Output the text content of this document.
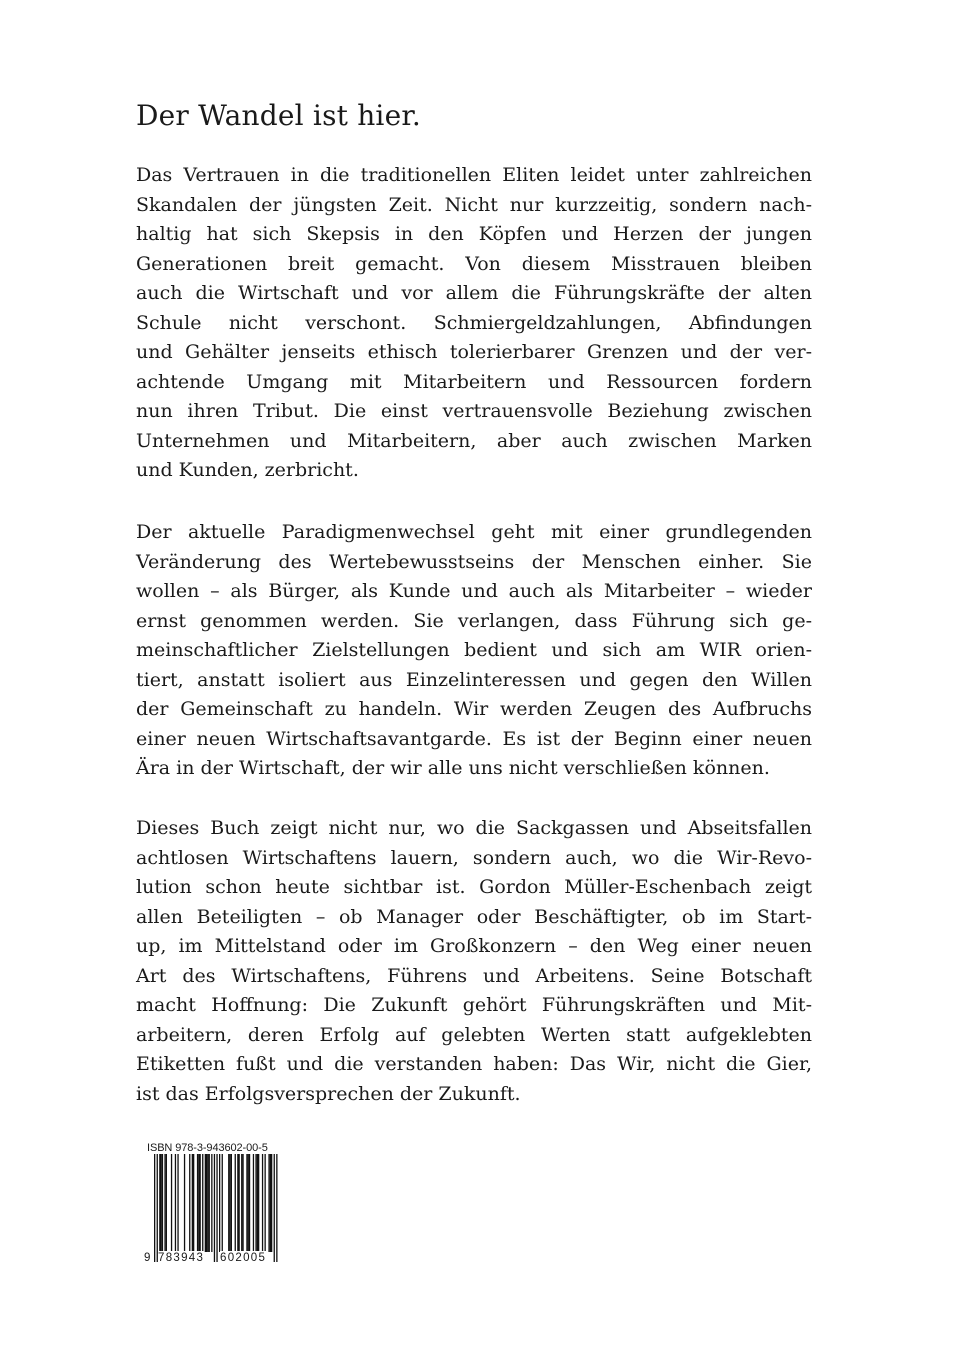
Der Wandel ist hier.

Das Vertrauen in die traditionellen Eliten leidet unter zahlreichen
Skandalen der jüngsten Zeit. Nicht nur kurzzeitig, sondern nach-
haltig hat sich Skepsis in den Köpfen und Herzen der jungen
Generationen breit gemacht. Von diesem Misstrauen bleiben
auch die Wirtschaft und vor allem die Führungskräfte der alten
Schule nicht verschont. Schmiergeldzahlungen, Abfindungen
und Gehälter jenseits ethisch tolerierbarer Grenzen und der ver-
achtende Umgang mit Mitarbeitern und Ressourcen fordern
nun ihren Tribut. Die einst vertrauensvolle Beziehung zwischen
Unternehmen und Mitarbeitern, aber auch zwischen Marken
und Kunden, zerbricht.

Der aktuelle Paradigmenwechsel geht mit einer grundlegenden
Veränderung des Wertebewusstseins der Menschen einher. Sie
wollen – als Bürger, als Kunde und auch als Mitarbeiter – wieder
ernst genommen werden. Sie verlangen, dass Führung sich ge-
meinschaftlicher Zielstellungen bedient und sich am WIR orien-
tiert, anstatt isoliert aus Einzelinteressen und gegen den Willen
der Gemeinschaft zu handeln. Wir werden Zeugen des Aufbruchs
einer neuen Wirtschaftsavantgarde. Es ist der Beginn einer neuen
Ära in der Wirtschaft, der wir alle uns nicht verschließen können.

Dieses Buch zeigt nicht nur, wo die Sackgassen und Abseitsfallen
achtlosen Wirtschaftens lauern, sondern auch, wo die Wir-Revo-
lution schon heute sichtbar ist. Gordon Müller-Eschenbach zeigt
allen Beteiligten – ob Manager oder Beschäftigter, ob im Start-
up, im Mittelstand oder im Großkonzern – den Weg einer neuen
Art des Wirtschaftens, Führens und Arbeitens. Seine Botschaft
macht Hoffnung: Die Zukunft gehört Führungskräften und Mit-
arbeitern, deren Erfolg auf gelebten Werten statt aufgeklebten
Etiketten fußt und die verstanden haben: Das Wir, nicht die Gier,
ist das Erfolgsversprechen der Zukunft.

ISBN 978-3-943602-00-5
9 783943 602005
